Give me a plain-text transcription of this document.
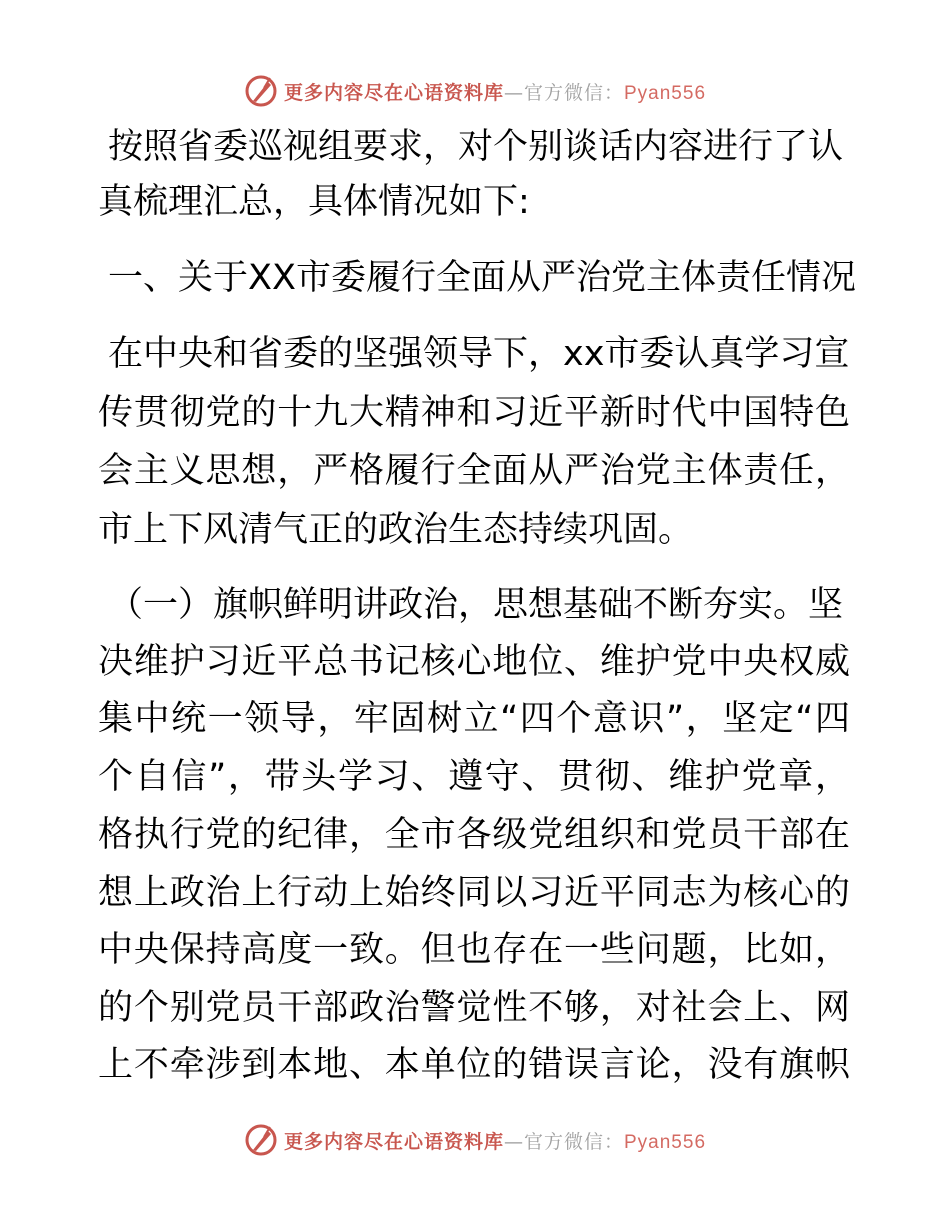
更多内容尽在心语资料库—官方微信：Pyan556
按照省委巡视组要求，对个别谈话内容进行了认
真梳理汇总，具体情况如下:
一、关于XX市委履行全面从严治党主体责任情况
在中央和省委的坚强领导下，xx市委认真学习宣
传贯彻党的十九大精神和习近平新时代中国特色
会主义思想，严格履行全面从严治党主体责任，
市上下风清气正的政治生态持续巩固。
（一）旗帜鲜明讲政治，思想基础不断夯实。坚
决维护习近平总书记核心地位、维护党中央权威
集中统一领导，牢固树立“四个意识”，坚定“四
个自信”，带头学习、遵守、贯彻、维护党章，
格执行党的纪律，全市各级党组织和党员干部在
想上政治上行动上始终同以习近平同志为核心的
中央保持高度一致。但也存在一些问题，比如，
的个别党员干部政治警觉性不够，对社会上、网
上不牵涉到本地、本单位的错误言论，没有旗帜
更多内容尽在心语资料库—官方微信：Pyan556
